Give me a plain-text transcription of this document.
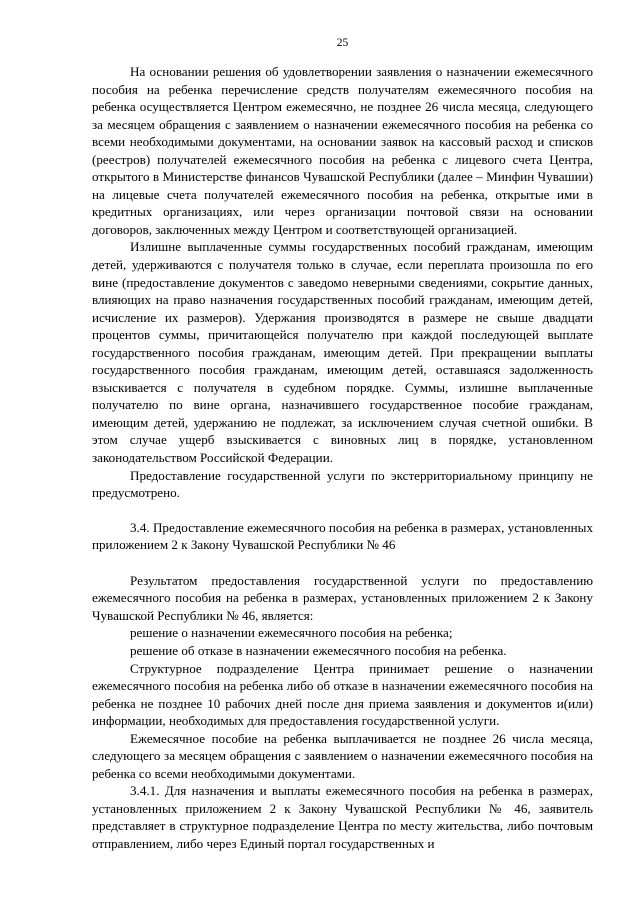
25

На основании решения об удовлетворении заявления о назначении ежемесячного пособия на ребенка перечисление средств получателям ежемесячного пособия на ребенка осуществляется Центром ежемесячно, не позднее 26 числа месяца, следующего за месяцем обращения с заявлением о назначении ежемесячного пособия на ребенка со всеми необходимыми документами, на основании заявок на кассовый расход и списков (реестров) получателей ежемесячного пособия на ребенка с лицевого счета Центра, открытого в Министерстве финансов Чувашской Республики (далее – Минфин Чувашии) на лицевые счета получателей ежемесячного пособия на ребенка, открытые ими в кредитных организациях, или через организации почтовой связи на основании договоров, заключенных между Центром и соответствующей организацией.

Излишне выплаченные суммы государственных пособий гражданам, имеющим детей, удерживаются с получателя только в случае, если переплата произошла по его вине (предоставление документов с заведомо неверными сведениями, сокрытие данных, влияющих на право назначения государственных пособий гражданам, имеющим детей, исчисление их размеров). Удержания производятся в размере не свыше двадцати процентов суммы, причитающейся получателю при каждой последующей выплате государственного пособия гражданам, имеющим детей. При прекращении выплаты государственного пособия гражданам, имеющим детей, оставшаяся задолженность взыскивается с получателя в судебном порядке. Суммы, излишне выплаченные получателю по вине органа, назначившего государственное пособие гражданам, имеющим детей, удержанию не подлежат, за исключением случая счетной ошибки. В этом случае ущерб взыскивается с виновных лиц в порядке, установленном законодательством Российской Федерации.

Предоставление государственной услуги по экстерриториальному принципу не предусмотрено.

3.4. Предоставление ежемесячного пособия на ребенка в размерах, установленных приложением 2 к Закону Чувашской Республики № 46

Результатом предоставления государственной услуги по предоставлению ежемесячного пособия на ребенка в размерах, установленных приложением 2 к Закону Чувашской Республики № 46, является:

решение о назначении ежемесячного пособия на ребенка;

решение об отказе в назначении ежемесячного пособия на ребенка.

Структурное подразделение Центра принимает решение о назначении ежемесячного пособия на ребенка либо об отказе в назначении ежемесячного пособия на ребенка не позднее 10 рабочих дней после дня приема заявления и документов и(или) информации, необходимых для предоставления государственной услуги.

Ежемесячное пособие на ребенка выплачивается не позднее 26 числа месяца, следующего за месяцем обращения с заявлением о назначении ежемесячного пособия на ребенка со всеми необходимыми документами.

3.4.1. Для назначения и выплаты ежемесячного пособия на ребенка в размерах, установленных приложением 2 к Закону Чувашской Республики № 46, заявитель представляет в структурное подразделение Центра по месту жительства, либо почтовым отправлением, либо через Единый портал государственных и
